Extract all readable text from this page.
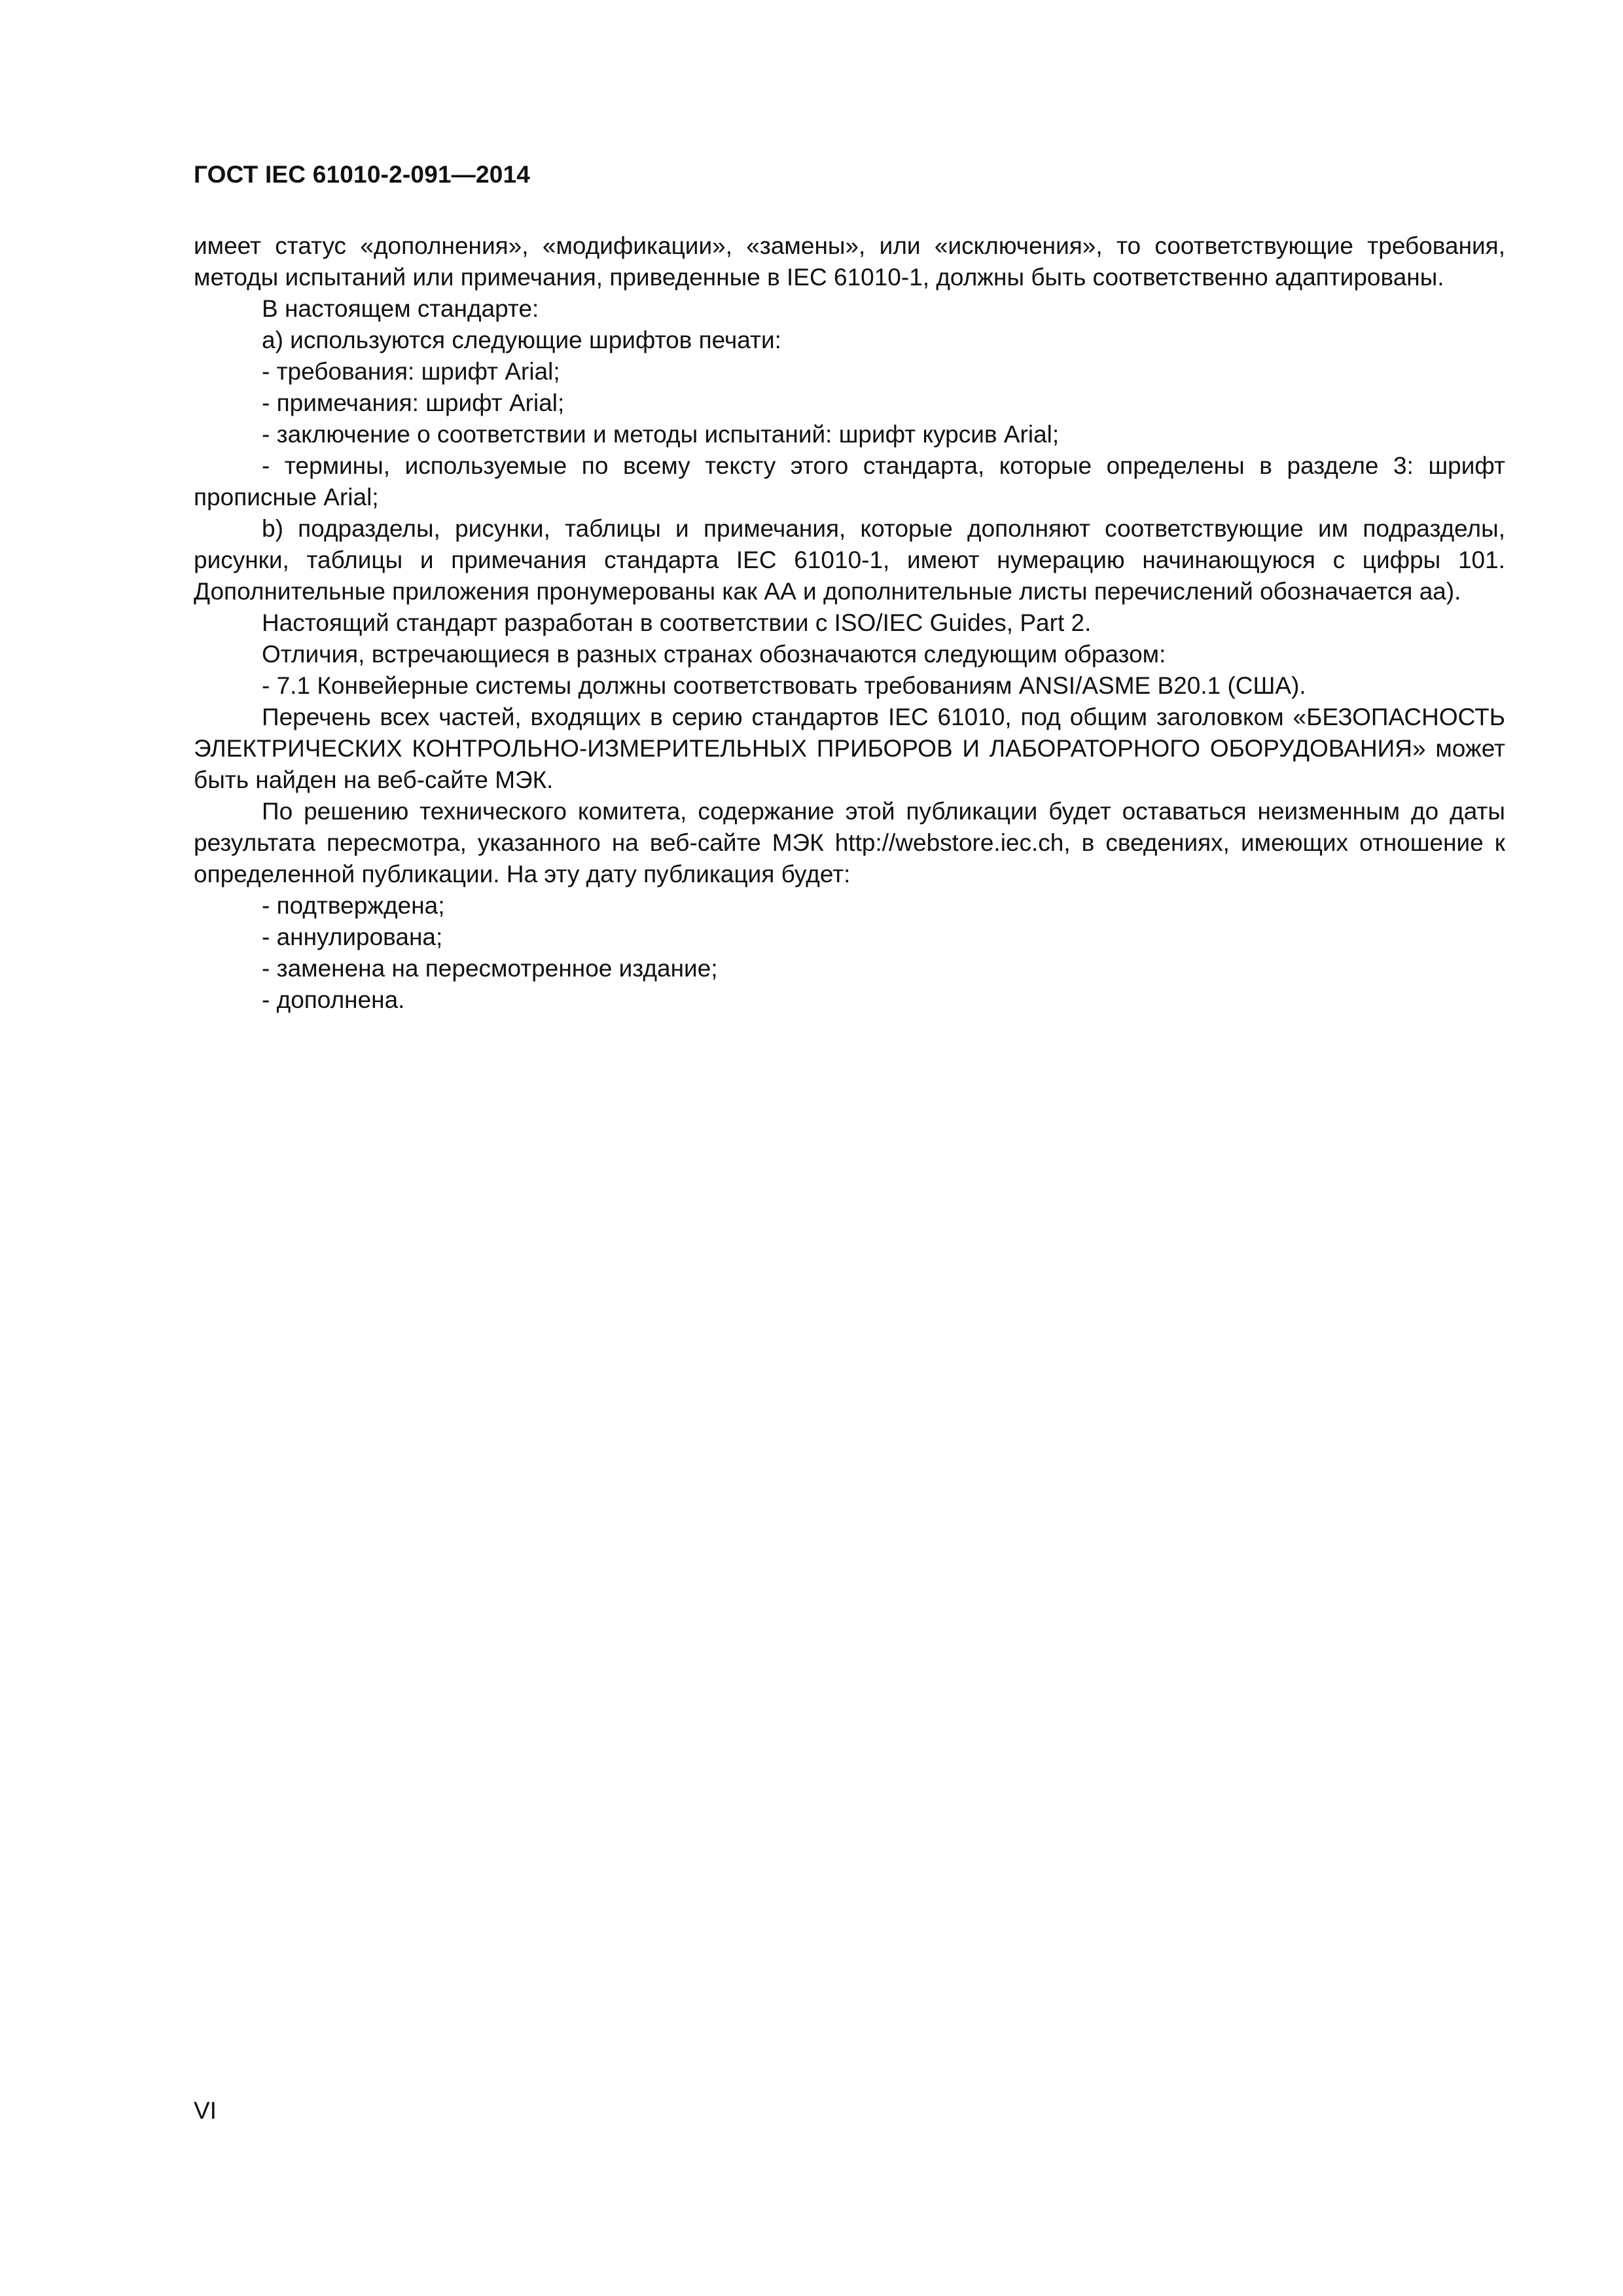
ГОСТ IEC 61010-2-091—2014

имеет статус «дополнения», «модификации», «замены», или «исключения», то соответствующие требования, методы испытаний или примечания, приведенные в IEC 61010-1, должны быть соответственно адаптированы.

В настоящем стандарте:

а) используются следующие шрифтов печати:

- требования: шрифт Arial;

- примечания: шрифт Arial;

- заключение о соответствии и методы испытаний: шрифт курсив Arial;

- термины, используемые по всему тексту этого стандарта, которые определены в разделе 3: шрифт прописные Arial;

b) подразделы, рисунки, таблицы и примечания, которые дополняют соответствующие им подразделы, рисунки, таблицы и примечания стандарта IEC 61010-1, имеют нумерацию начинающуюся с цифры 101. Дополнительные приложения пронумерованы как АА и дополнительные листы перечислений обозначается аа).

Настоящий стандарт разработан в соответствии с ISO/IEC Guides, Part 2.

Отличия, встречающиеся в разных странах обозначаются следующим образом:

- 7.1 Конвейерные системы должны соответствовать требованиям ANSI/ASME B20.1 (США).

Перечень всех частей, входящих в серию стандартов IEC 61010, под общим заголовком «БЕЗОПАСНОСТЬ ЭЛЕКТРИЧЕСКИХ КОНТРОЛЬНО-ИЗМЕРИТЕЛЬНЫХ ПРИБОРОВ И ЛАБОРАТОРНОГО ОБОРУДОВАНИЯ» может быть найден на веб-сайте МЭК.

По решению технического комитета, содержание этой публикации будет оставаться неизменным до даты результата пересмотра, указанного на веб-сайте МЭК http://webstore.iec.ch, в сведениях, имеющих отношение к определенной публикации. На эту дату публикация будет:

- подтверждена;

- аннулирована;

- заменена на пересмотренное издание;

- дополнена.

VI
